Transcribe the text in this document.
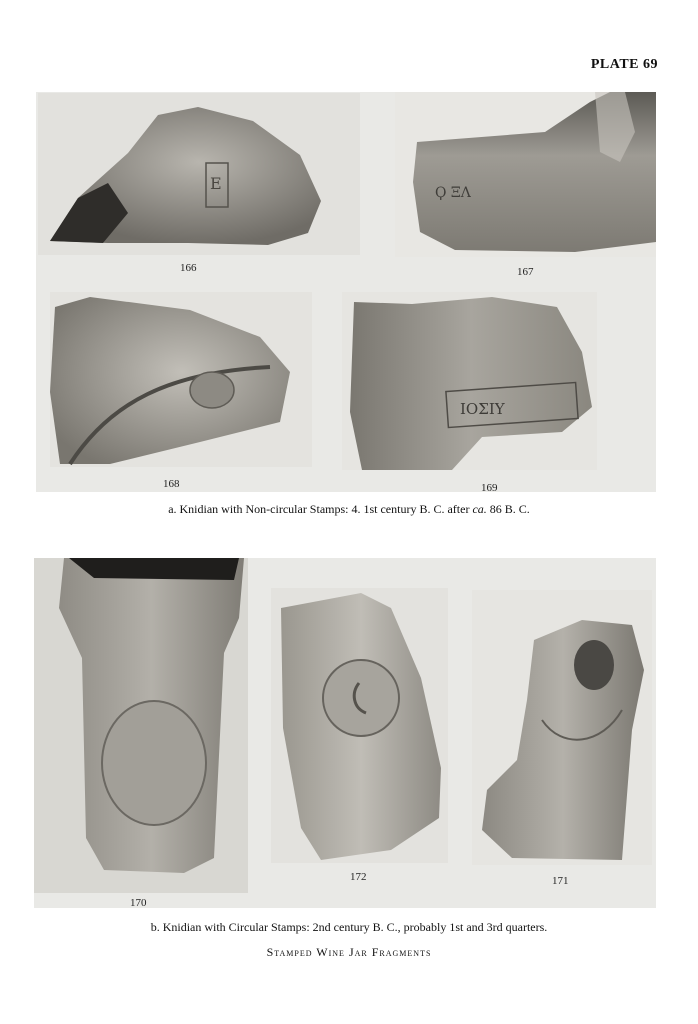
PLATE 69
Ε
166
Ϙ ΞΛ
167
168
ΙΟΣΙΥ
169
a. Knidian with Non-circular Stamps: 4. 1st century B. C. after ca. 86 B. C.
170
172	171
b. Knidian with Circular Stamps: 2nd century B. C., probably 1st and 3rd quarters.
Stamped Wine Jar Fragments
